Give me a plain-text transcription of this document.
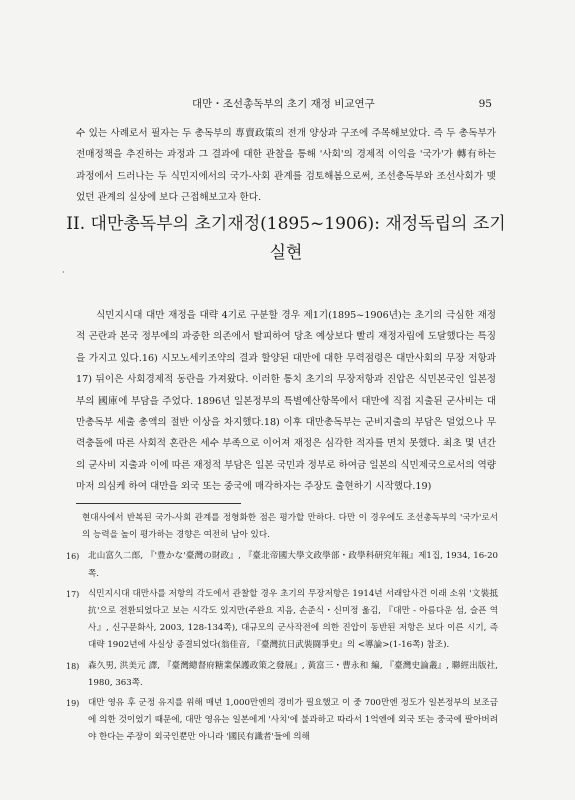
대만・조선총독부의 초기 재정 비교연구	95

수 있는 사례로서 필자는 두 총독부의 專賣政策의 전개 양상과 구조에 주목해보았다. 즉 두 총독부가 전매정책을 추진하는 과정과 그 결과에 대한 관찰을 통해 '사회'의 경제적 이익을 '국가'가 轉有하는 과정에서 드러나는 두 식민지에서의 국가-사회 관계를 검토해봄으로써, 조선총독부와 조선사회가 맺었던 관계의 실상에 보다 근접해보고자 한다.

II. 대만총독부의 초기재정(1895~1906): 재정독립의 조기 실현
·

식민지시대 대만 재정을 대략 4기로 구분할 경우 제1기(1895~1906년)는 초기의 극심한 재정적 곤란과 본국 정부에의 과중한 의존에서 탈피하여 당초 예상보다 빨리 재정자립에 도달했다는 특징을 가지고 있다.16) 시모노세키조약의 결과 할양된 대만에 대한 무력점령은 대만사회의 무장 저항과17) 뒤이은 사회경제적 동란을 가져왔다. 이러한 통치 초기의 무장저항과 진압은 식민본국인 일본정부의 國庫에 부담을 주었다. 1896년 일본정부의 특별예산항목에서 대만에 직접 지출된 군사비는 대만총독부 세출 총액의 절반 이상을 차지했다.18) 이후 대만총독부는 군비지출의 부담은 덜었으나 무력충돌에 따른 사회적 혼란은 세수 부족으로 이어져 재정은 심각한 적자를 면치 못했다. 최초 몇 년간의 군사비 지출과 이에 따른 재정적 부담은 일본 국민과 정부로 하여금 일본의 식민제국으로서의 역량마저 의심케 하여 대만을 외국 또는 중국에 매각하자는 주장도 출현하기 시작했다.19)

현대사에서 반복된 국가-사회 관계를 정형화한 점은 평가할 만하다. 다만 이 경우에도 조선총독부의 '국가'로서의 능력을 높이 평가하는 경향은 여전히 남아 있다.

16)	北山富久二郎, 『'豊かな'臺灣の財政』, 『臺北帝國大學文政學部・政學科研究年報』제1집, 1934, 16-20쪽.
17)	식민지시대 대만사를 저항의 각도에서 관찰할 경우 초기의 무장저항은 1914년 서래암사건 이래 소위 '文裝抵抗'으로 전환되었다고 보는 시각도 있지만(주완요 지음, 손준식・신미정 옮김, 『대만 - 아름다운 섬, 슬픈 역사』, 신구문화사, 2003, 128-134쪽), 대규모의 군사작전에 의한 진압이 동반된 저항은 보다 이른 시기, 즉 대략 1902년에 사실상 종결되었다(翁佳音, 『臺灣抗日武裝闘爭史』의 <導論>(1-16쪽) 참조).
18)	森久男, 洪美元 譯, 『臺灣總督府糖業保護政策之發展』, 黃富三・曹永和 編, 『臺灣史論叢』, 聯經出版社, 1980, 363쪽.
19)	대만 영유 후 군정 유지를 위해 매년 1,000만엔의 경비가 필요했고 이 중 700만엔 정도가 일본정부의 보조금에 의한 것이었기 때문에, 대만 영유는 일본에게 '사치'에 불과하고 따라서 1억엔에 외국 또는 중국에 팔아버려야 한다는 주장이 외국인뿐만 아니라 '國民有識者'들에 의해
